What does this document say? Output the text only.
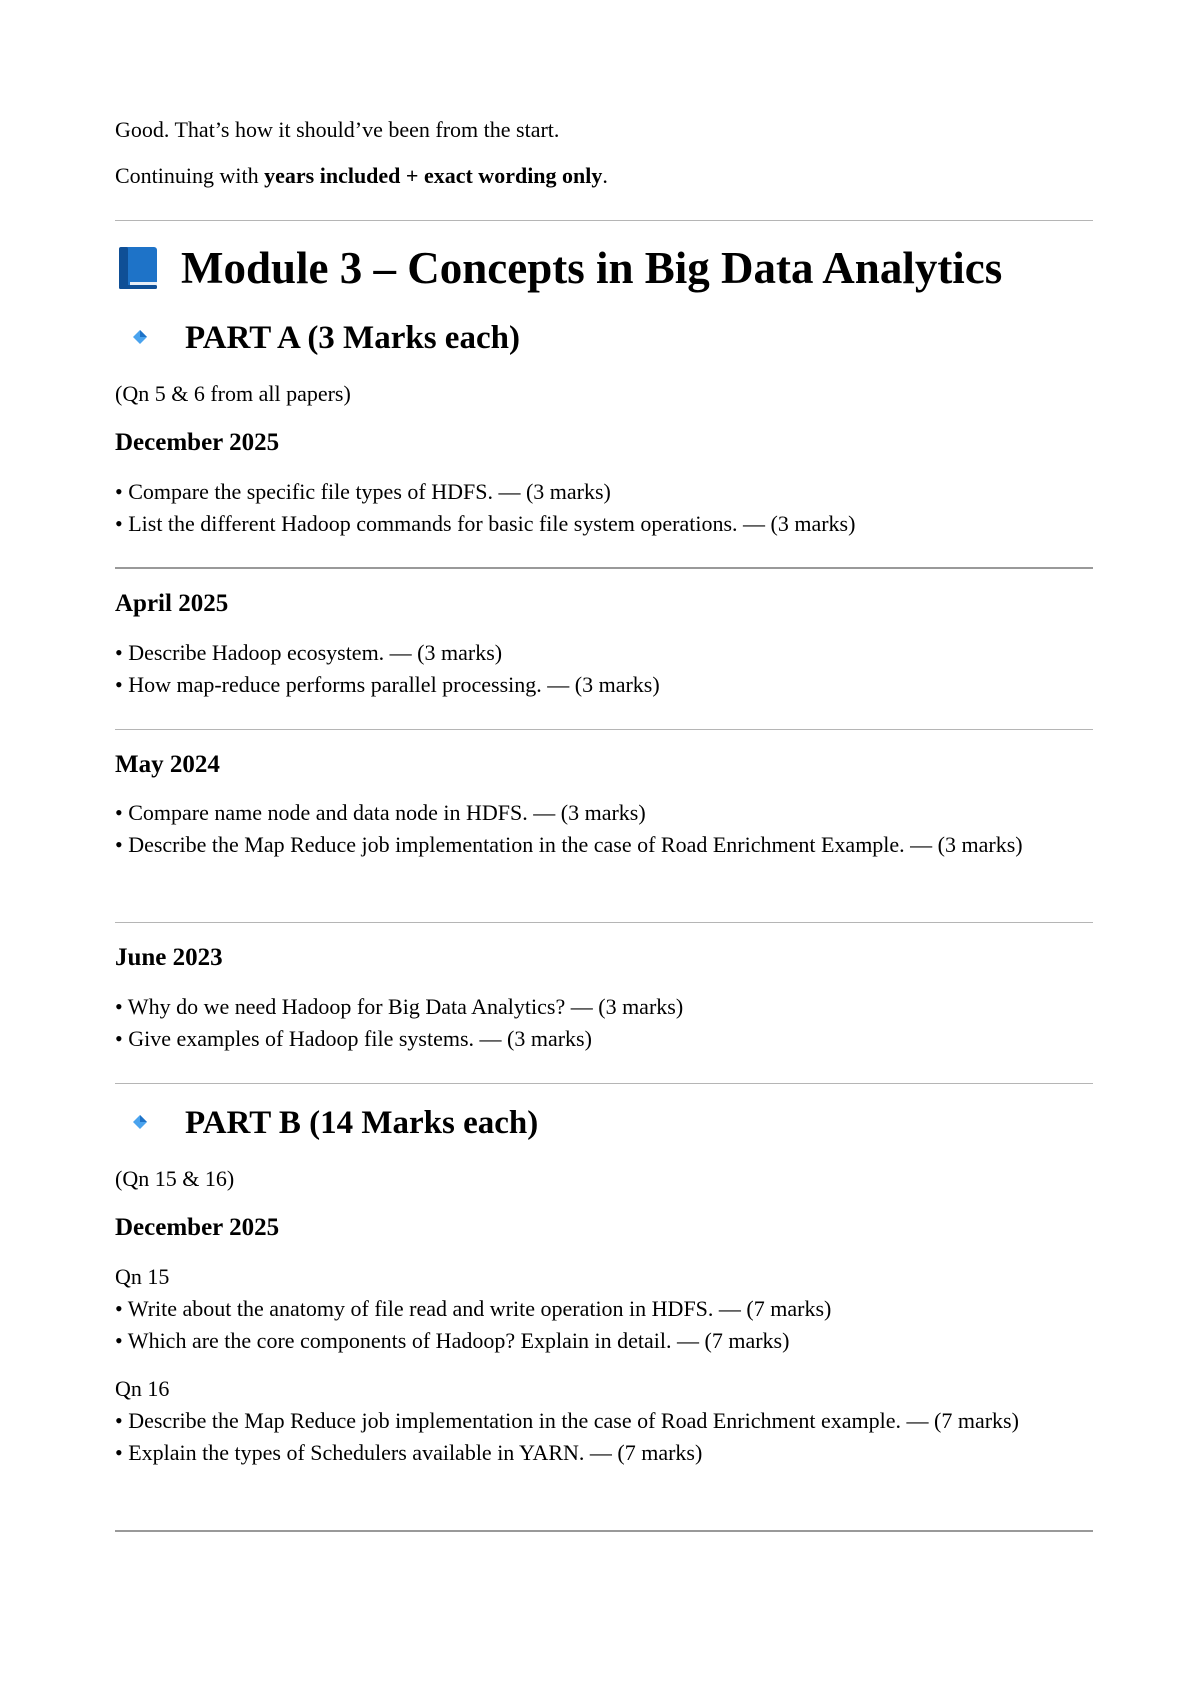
Good. That’s how it should’ve been from the start.
Continuing with years included + exact wording only.
Module 3 – Concepts in Big Data Analytics
PART A (3 Marks each)
(Qn 5 & 6 from all papers)
December 2025
• Compare the specific file types of HDFS. — (3 marks)
• List the different Hadoop commands for basic file system operations. — (3 marks)
April 2025
• Describe Hadoop ecosystem. — (3 marks)
• How map-reduce performs parallel processing. — (3 marks)
May 2024
• Compare name node and data node in HDFS. — (3 marks)
• Describe the Map Reduce job implementation in the case of Road Enrichment Example. — (3 marks)
June 2023
• Why do we need Hadoop for Big Data Analytics? — (3 marks)
• Give examples of Hadoop file systems. — (3 marks)
PART B (14 Marks each)
(Qn 15 & 16)
December 2025
Qn 15
• Write about the anatomy of file read and write operation in HDFS. — (7 marks)
• Which are the core components of Hadoop? Explain in detail. — (7 marks)
Qn 16
• Describe the Map Reduce job implementation in the case of Road Enrichment example. — (7 marks)
• Explain the types of Schedulers available in YARN. — (7 marks)
